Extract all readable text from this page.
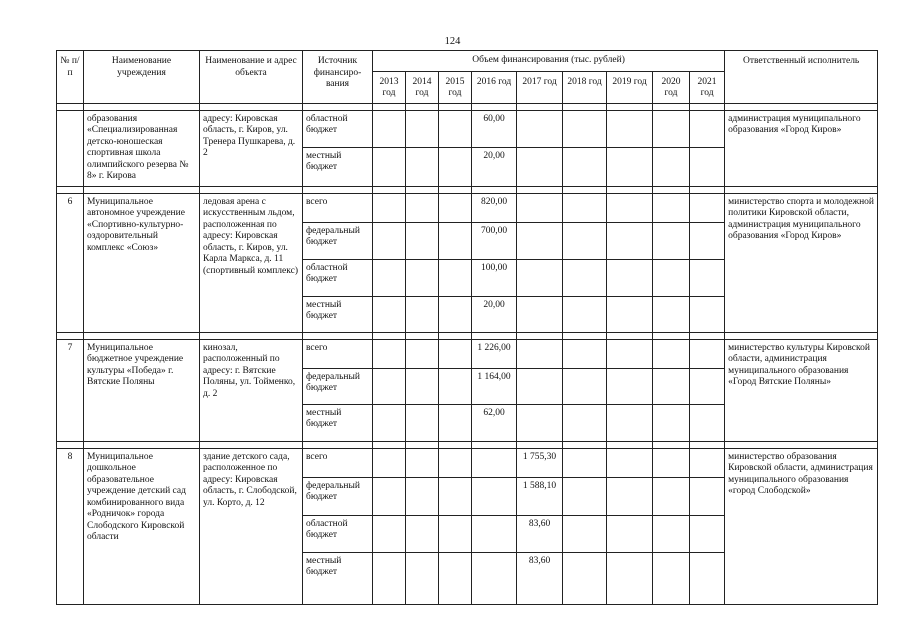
124
№ п/п	Наименование учреждения	Наименование и адрес объекта	Источник финансиро-вания	Объем финансирования (тыс. рублей)									Ответственный исполнитель
				2013 год	2014 год	2015 год	2016 год	2017 год	2018 год	2019 год	2020 год	2021 год	

	образования «Специализированная детско-юношеская спортивная школа олимпийского резерва № 8» г. Кирова	адресу: Кировская область, г. Киров, ул. Тренера Пушкарева, д. 2	областной бюджет				60,00						администрация муниципального образования «Город Киров»
			местный бюджет				20,00						

6	Муниципальное автономное учреждение «Спортивно-культурно-оздоровительный комплекс «Союз»	ледовая арена с искусственным льдом, расположенная по адресу: Кировская область, г. Киров, ул. Карла Маркса, д. 11 (спортивный комплекс)	всего				820,00						министерство спорта и молодежной политики Кировской области, администрация муниципального образования «Город Киров»
			федеральный бюджет				700,00						
			областной бюджет				100,00						
			местный бюджет				20,00						

7	Муниципальное бюджетное учреждение культуры «Победа» г. Вятские Поляны	кинозал, расположенный по адресу: г. Вятские Поляны, ул. Тойменко, д. 2	всего				1 226,00						министерство культуры Кировской области, администрация муниципального образования «Город Вятские Поляны»
			федеральный бюджет				1 164,00						
			местный бюджет				62,00						

8	Муниципальное дошкольное образовательное учреждение детский сад комбинированного вида «Родничок» города Слободского Кировской области	здание детского сада, расположенное по адресу: Кировская область, г. Слободской, ул. Корто, д. 12	всего					1 755,30					министерство образования Кировской области, администрация муниципального образования «город Слободской»
			федеральный бюджет					1 588,10					
			областной бюджет					83,60					
			местный бюджет					83,60					
